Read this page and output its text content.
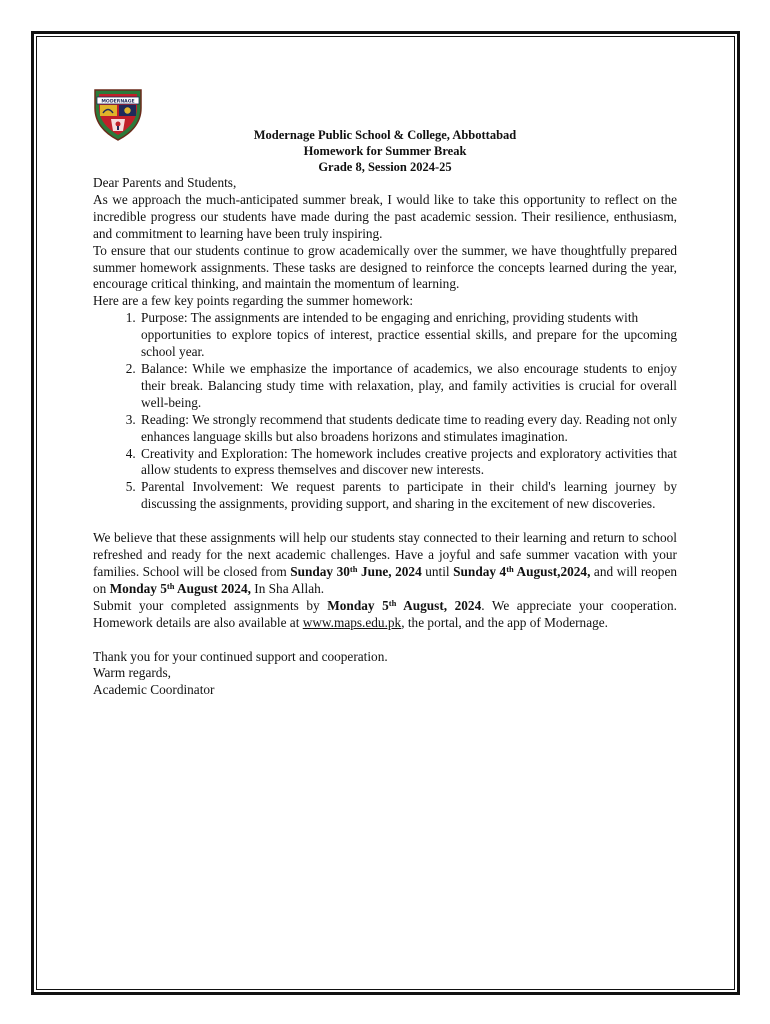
MODERNAGE
Modernage Public School & College, Abbottabad
Homework for Summer Break
Grade 8, Session 2024-25

Dear Parents and Students,

As we approach the much-anticipated summer break, I would like to take this opportunity to reflect on the incredible progress our students have made during the past academic session. Their resilience, enthusiasm, and commitment to learning have been truly inspiring.

To ensure that our students continue to grow academically over the summer, we have thoughtfully prepared summer homework assignments. These tasks are designed to reinforce the concepts learned during the year, encourage critical thinking, and maintain the momentum of learning.

Here are a few key points regarding the summer homework:

1. Purpose: The assignments are intended to be engaging and enriching, providing students with
opportunities to explore topics of interest, practice essential skills, and prepare for the upcoming school year.
2. Balance: While we emphasize the importance of academics, we also encourage students to enjoy their break. Balancing study time with relaxation, play, and family activities is crucial for overall well-being.
3. Reading: We strongly recommend that students dedicate time to reading every day. Reading not only enhances language skills but also broadens horizons and stimulates imagination.
4. Creativity and Exploration: The homework includes creative projects and exploratory activities that allow students to express themselves and discover new interests.
5. Parental Involvement: We request parents to participate in their child's learning journey by discussing the assignments, providing support, and sharing in the excitement of new discoveries.

We believe that these assignments will help our students stay connected to their learning and return to school refreshed and ready for the next academic challenges. Have a joyful and safe summer vacation with your families. School will be closed from Sunday 30th June, 2024 until Sunday 4th August,2024, and will reopen on Monday 5th August 2024, In Sha Allah.

Submit your completed assignments by Monday 5th August, 2024. We appreciate your cooperation. Homework details are also available at www.maps.edu.pk, the portal, and the app of Modernage.

Thank you for your continued support and cooperation.

Warm regards,

Academic Coordinator
